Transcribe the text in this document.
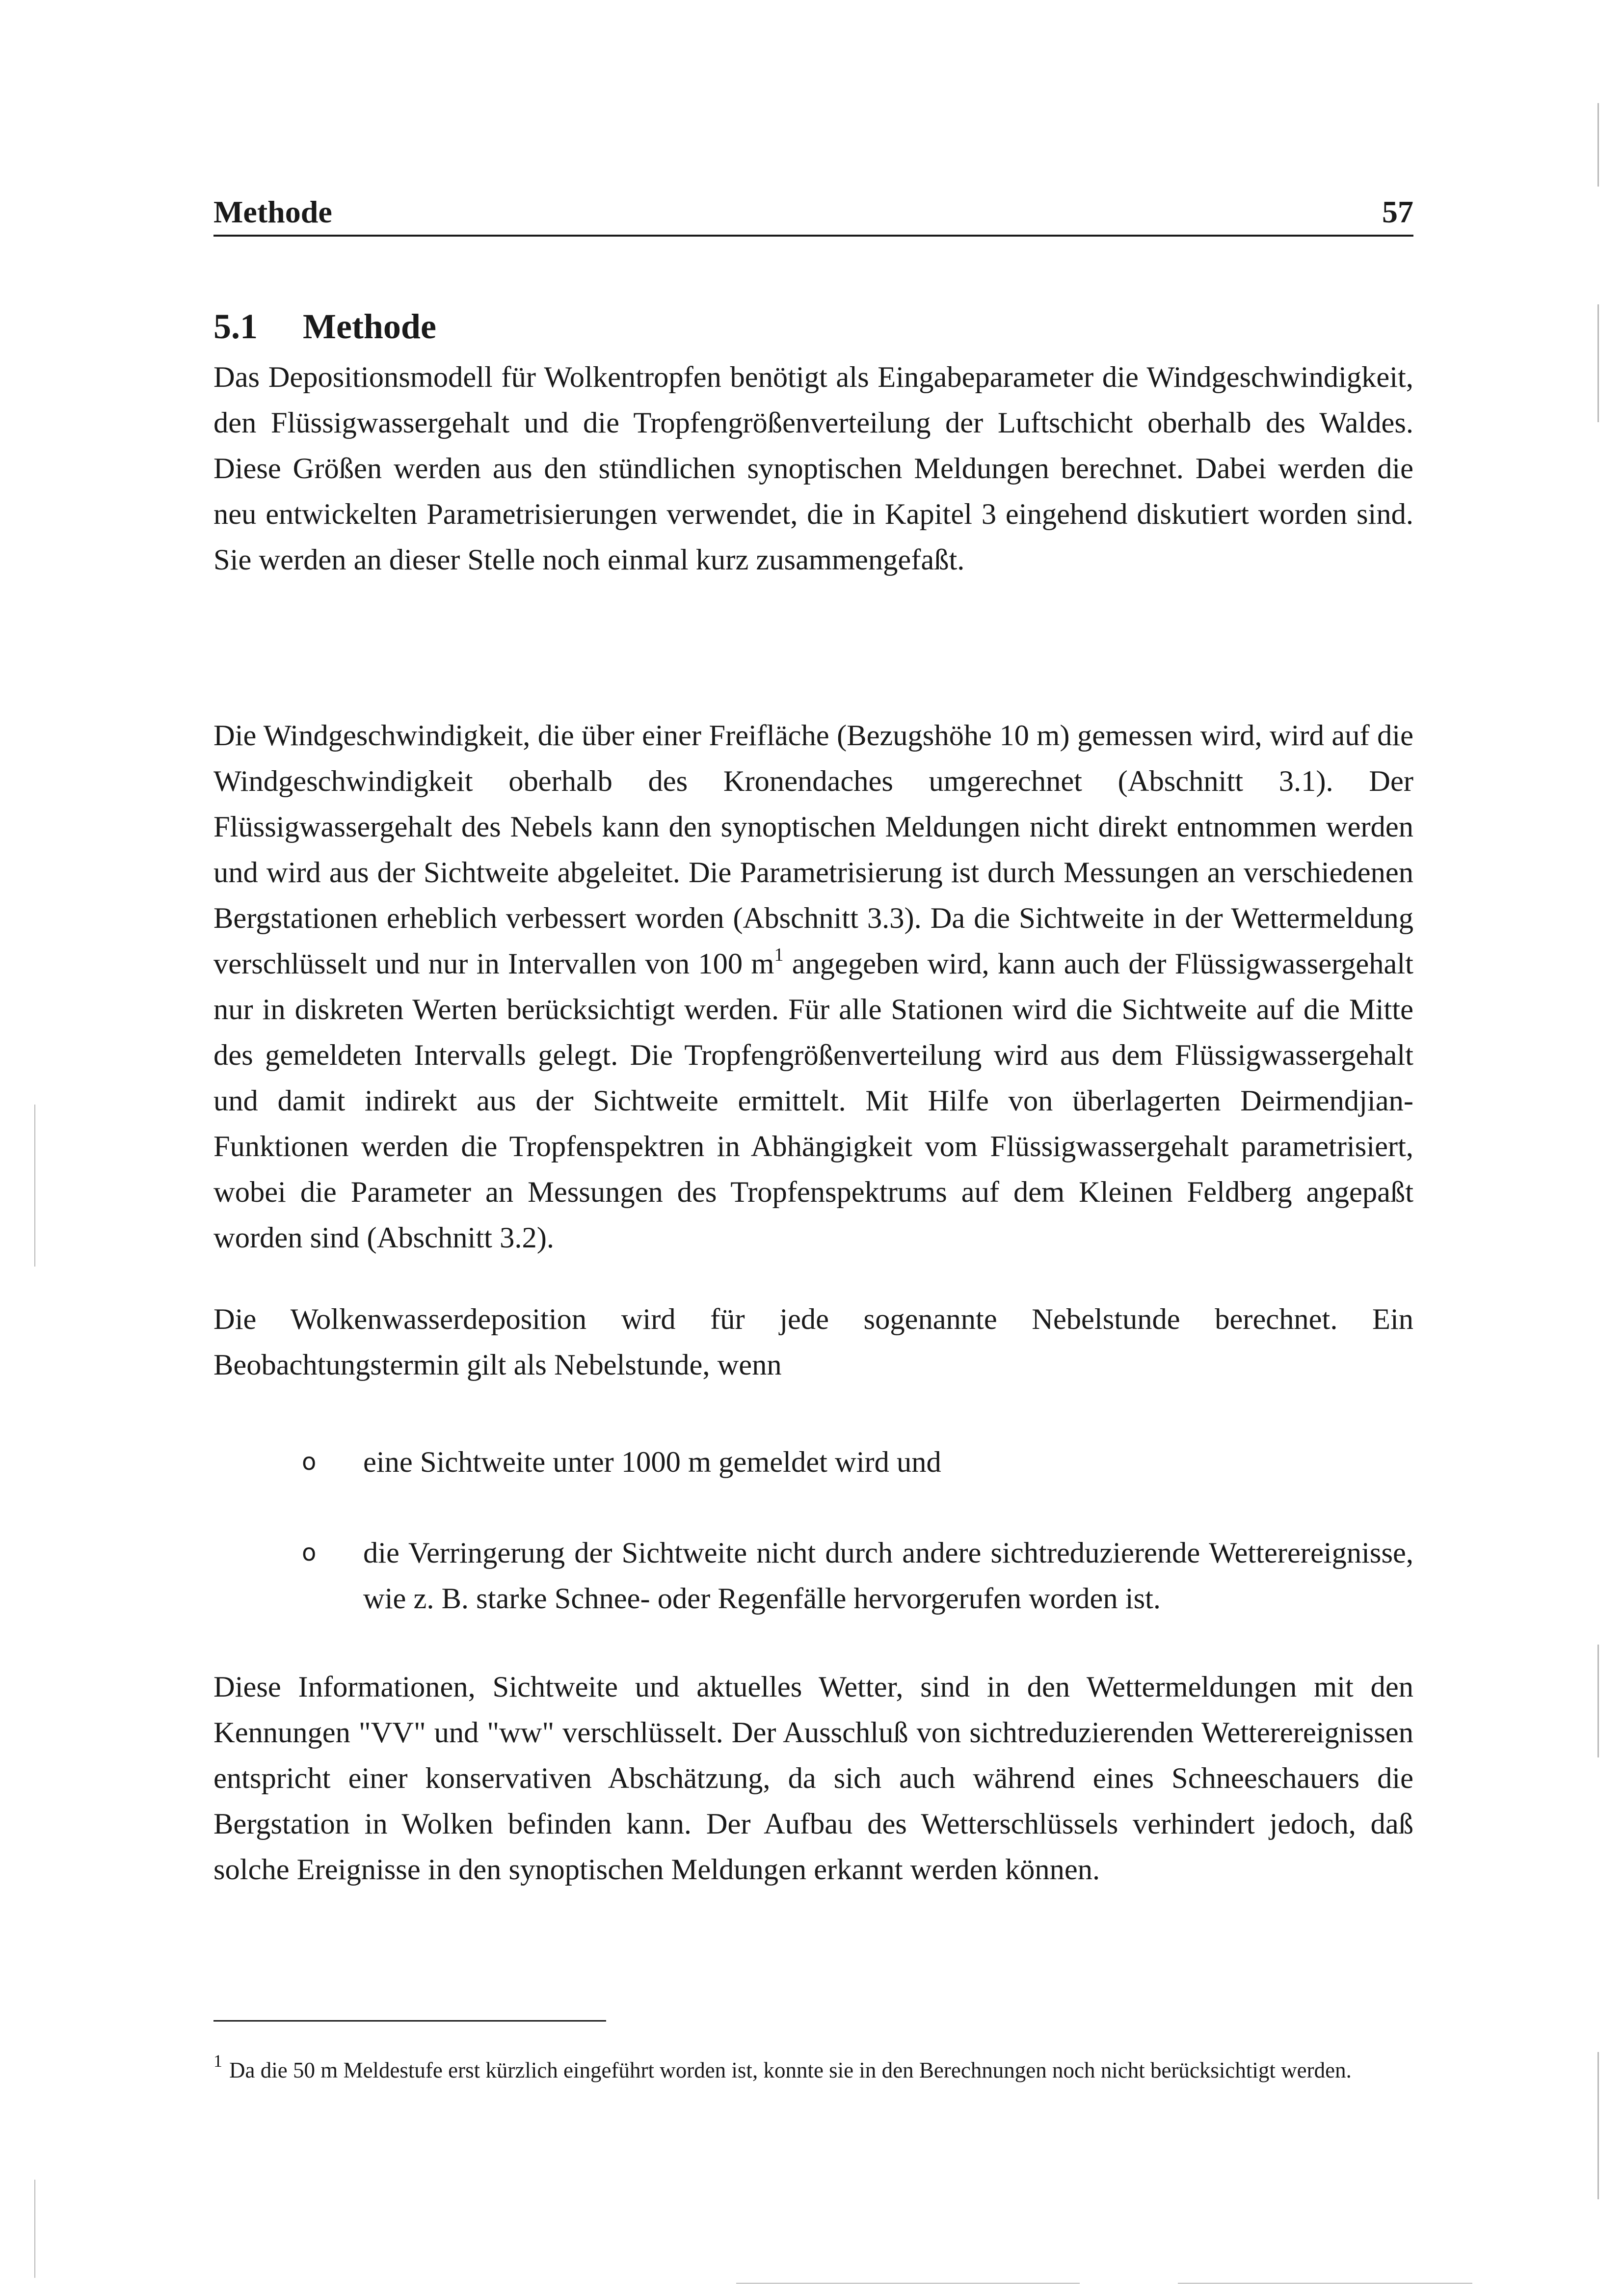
Methode	57
5.1 Methode

Das Depositionsmodell für Wolkentropfen benötigt als Eingabeparameter die Windgeschwindigkeit, den Flüssigwassergehalt und die Tropfengrößenverteilung der Luftschicht oberhalb des Waldes. Diese Größen werden aus den stündlichen synoptischen Meldungen berechnet. Dabei werden die neu entwickelten Parametrisierungen verwendet, die in Kapitel 3 eingehend diskutiert worden sind. Sie werden an dieser Stelle noch einmal kurz zusammengefaßt.

Die Windgeschwindigkeit, die über einer Freifläche (Bezugshöhe 10 m) gemessen wird, wird auf die Windgeschwindigkeit oberhalb des Kronendaches umgerechnet (Abschnitt 3.1). Der Flüssigwassergehalt des Nebels kann den synoptischen Meldungen nicht direkt entnommen werden und wird aus der Sichtweite abgeleitet. Die Parametrisierung ist durch Messungen an verschiedenen Bergstationen erheblich verbessert worden (Abschnitt 3.3). Da die Sichtweite in der Wettermeldung verschlüsselt und nur in Intervallen von 100 $m^1$ angegeben wird, kann auch der Flüssigwassergehalt nur in diskreten Werten berücksichtigt werden. Für alle Stationen wird die Sichtweite auf die Mitte des gemeldeten Intervalls gelegt. Die Tropfengrößenverteilung wird aus dem Flüssigwassergehalt und damit indirekt aus der Sichtweite ermittelt. Mit Hilfe von überlagerten Deirmendjian-Funktionen werden die Tropfenspektren in Abhängigkeit vom Flüssigwassergehalt parametrisiert, wobei die Parameter an Messungen des Tropfenspektrums auf dem Kleinen Feldberg angepaßt worden sind (Abschnitt 3.2).

Die Wolkenwasserdeposition wird für jede sogenannte Nebelstunde berechnet. Ein Beobachtungstermin gilt als Nebelstunde, wenn

o	eine Sichtweite unter 1000 m gemeldet wird und
o	die Verringerung der Sichtweite nicht durch andere sichtreduzierende Wetterereignisse, wie z. B. starke Schnee- oder Regenfälle hervorgerufen worden ist.

Diese Informationen, Sichtweite und aktuelles Wetter, sind in den Wettermeldungen mit den Kennungen "VV" und "ww" verschlüsselt. Der Ausschluß von sichtreduzierenden Wetterereignissen entspricht einer konservativen Abschätzung, da sich auch während eines Schneeschauers die Bergstation in Wolken befinden kann. Der Aufbau des Wetterschlüssels verhindert jedoch, daß solche Ereignisse in den synoptischen Meldungen erkannt werden können.

$^1$ Da die 50 m Meldestufe erst kürzlich eingeführt worden ist, konnte sie in den Berechnungen noch nicht berücksichtigt werden.
